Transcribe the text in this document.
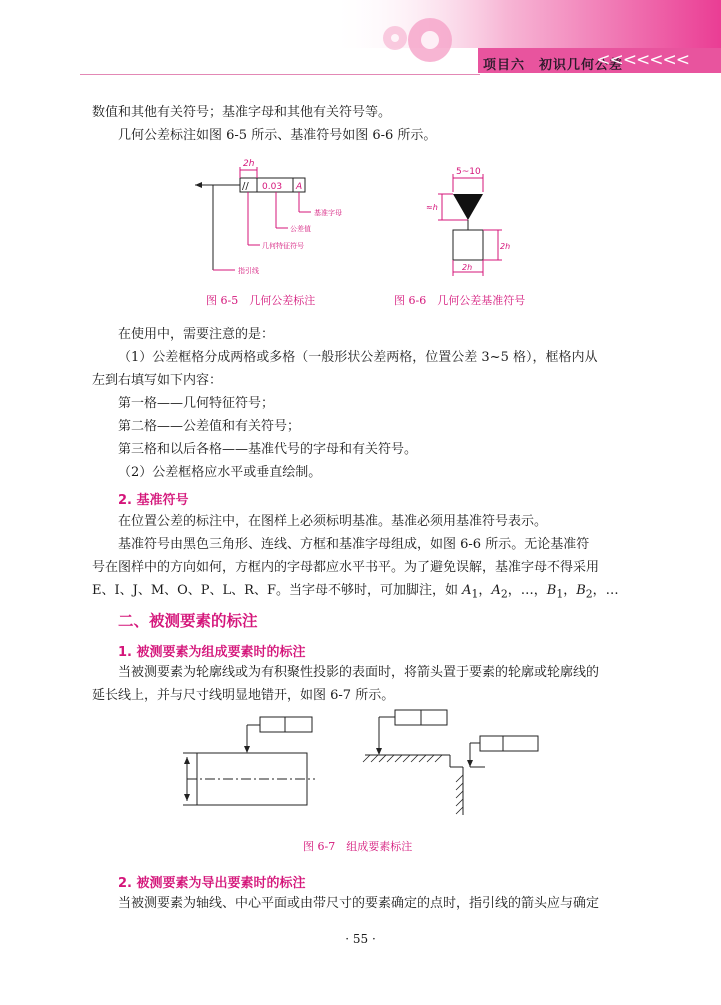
项目六　初识几何公差
<<<<<<<
数值和其他有关符号；基准字母和其他有关符号等。
几何公差标注如图 6-5 所示、基准符号如图 6-6 所示。
2h
// 0.03 A
基准字母
公差值
几何特征符号
指引线
图 6-5　几何公差标注
5~10
≈h
2h
2h
图 6-6　几何公差基准符号
在使用中，需要注意的是：
（1）公差框格分成两格或多格（一般形状公差两格，位置公差 3~5 格），框格内从
左到右填写如下内容：
第一格——几何特征符号；
第二格——公差值和有关符号；
第三格和以后各格——基准代号的字母和有关符号。
（2）公差框格应水平或垂直绘制。
2. 基准符号
在位置公差的标注中，在图样上必须标明基准。基准必须用基准符号表示。
基准符号由黑色三角形、连线、方框和基准字母组成，如图 6-6 所示。无论基准符
号在图样中的方向如何，方框内的字母都应水平书平。为了避免误解，基准字母不得采用
E、I、J、M、O、P、L、R、F。当字母不够时，可加脚注，如 $A_1$，$A_2$，…，$B_1$，$B_2$，…
二、被测要素的标注
1. 被测要素为组成要素时的标注
当被测要素为轮廓线或为有积聚性投影的表面时，将箭头置于要素的轮廓或轮廓线的
延长线上，并与尺寸线明显地错开，如图 6-7 所示。
图 6-7　组成要素标注
2. 被测要素为导出要素时的标注
当被测要素为轴线、中心平面或由带尺寸的要素确定的点时，指引线的箭头应与确定
· 55 ·
